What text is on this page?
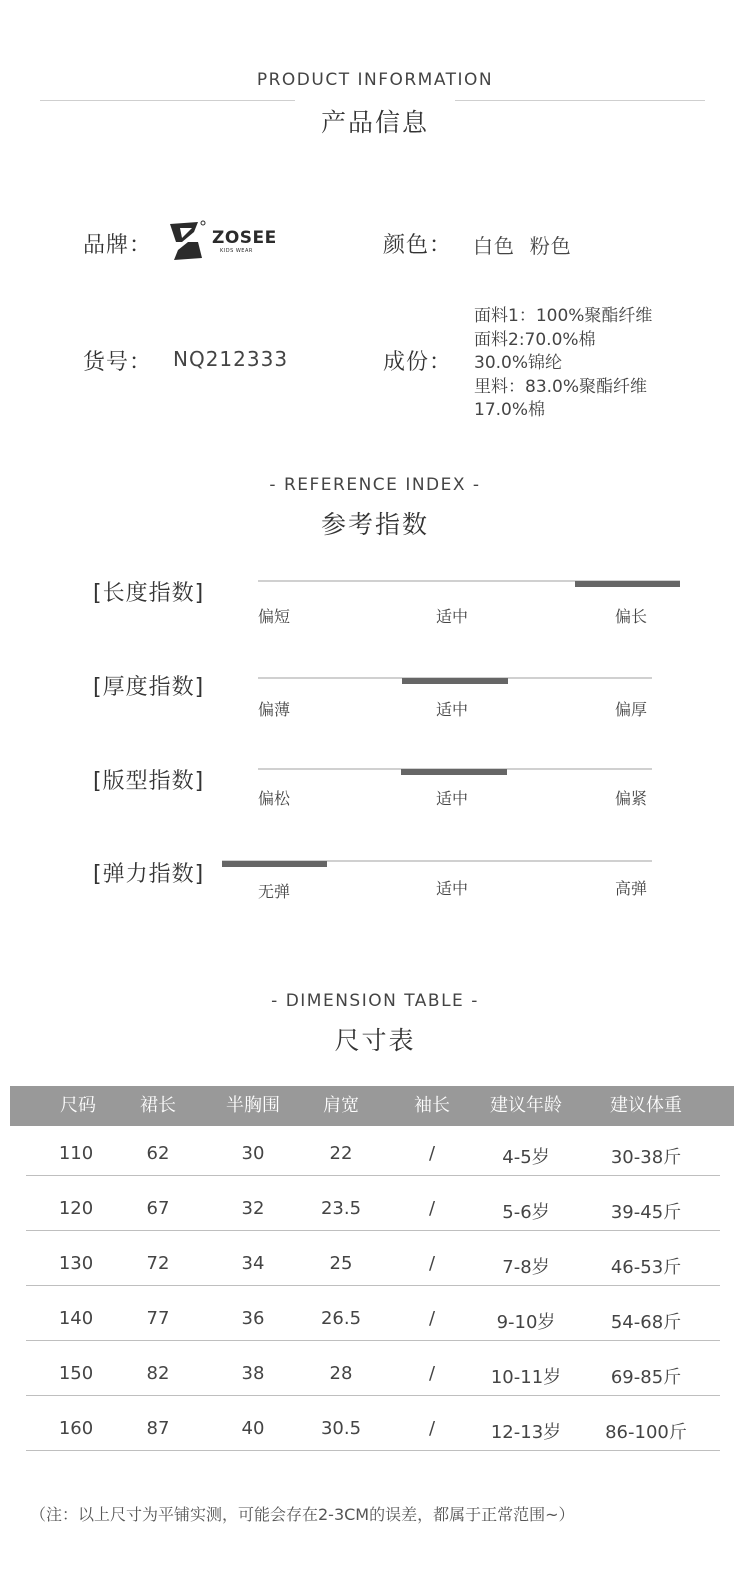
PRODUCT INFORMATION
产品信息
品牌：	ZOSEE
KIDS WEAR	颜色： 白色  粉色
货号： NQ212333	成份：
面料1：100%聚酯纤维
面料2:70.0%棉
30.0%锦纶
里料：83.0%聚酯纤维
17.0%棉
- REFERENCE INDEX -
参考指数
[长度指数]
偏短	适中	偏长
[厚度指数]
偏薄	适中	偏厚
[版型指数]
偏松	适中	偏紧
[弹力指数]
无弹	适中	高弹
- DIMENSION TABLE -
尺寸表
尺码	裙长	半胸围	肩宽	袖长	建议年龄	建议体重
110	62	30	22	/	4-5岁	30-38斤
120	67	32	23.5	/	5-6岁	39-45斤
130	72	34	25	/	7-8岁	46-53斤
140	77	36	26.5	/	9-10岁	54-68斤
150	82	38	28	/	10-11岁	69-85斤
160	87	40	30.5	/	12-13岁	86-100斤
（注：以上尺寸为平铺实测，可能会存在2-3CM的误差，都属于正常范围~）
